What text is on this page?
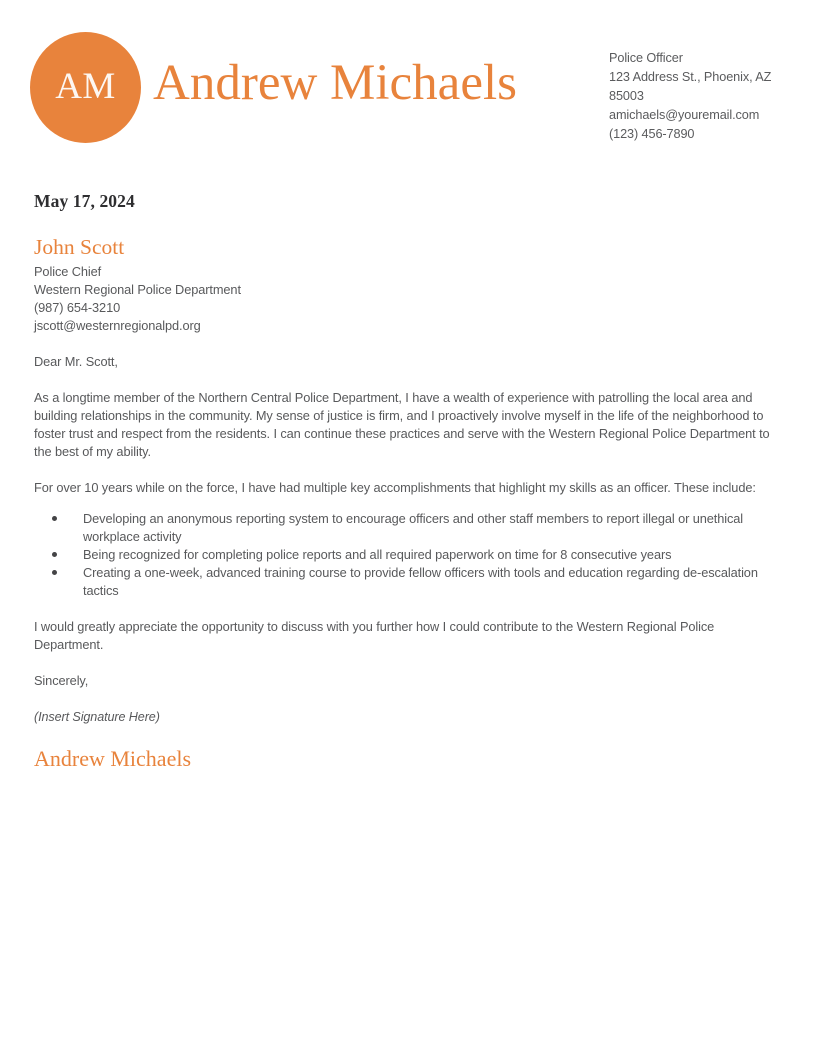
AM Andrew Michaels	Police Officer
123 Address St., Phoenix, AZ
85003
amichaels@youremail.com
(123) 456-7890
May 17, 2024
John Scott
Police Chief
Western Regional Police Department
(987) 654-3210
jscott@westernregionalpd.org
Dear Mr. Scott,
As a longtime member of the Northern Central Police Department, I have a wealth of experience with patrolling the local area and building relationships in the community. My sense of justice is firm, and I proactively involve myself in the life of the neighborhood to foster trust and respect from the residents. I can continue these practices and serve with the Western Regional Police Department to the best of my ability.
For over 10 years while on the force, I have had multiple key accomplishments that highlight my skills as an officer. These include:
Developing an anonymous reporting system to encourage officers and other staff members to report illegal or unethical workplace activity
Being recognized for completing police reports and all required paperwork on time for 8 consecutive years
Creating a one-week, advanced training course to provide fellow officers with tools and education regarding de-escalation tactics
I would greatly appreciate the opportunity to discuss with you further how I could contribute to the Western Regional Police Department.
Sincerely,
(Insert Signature Here)
Andrew Michaels
